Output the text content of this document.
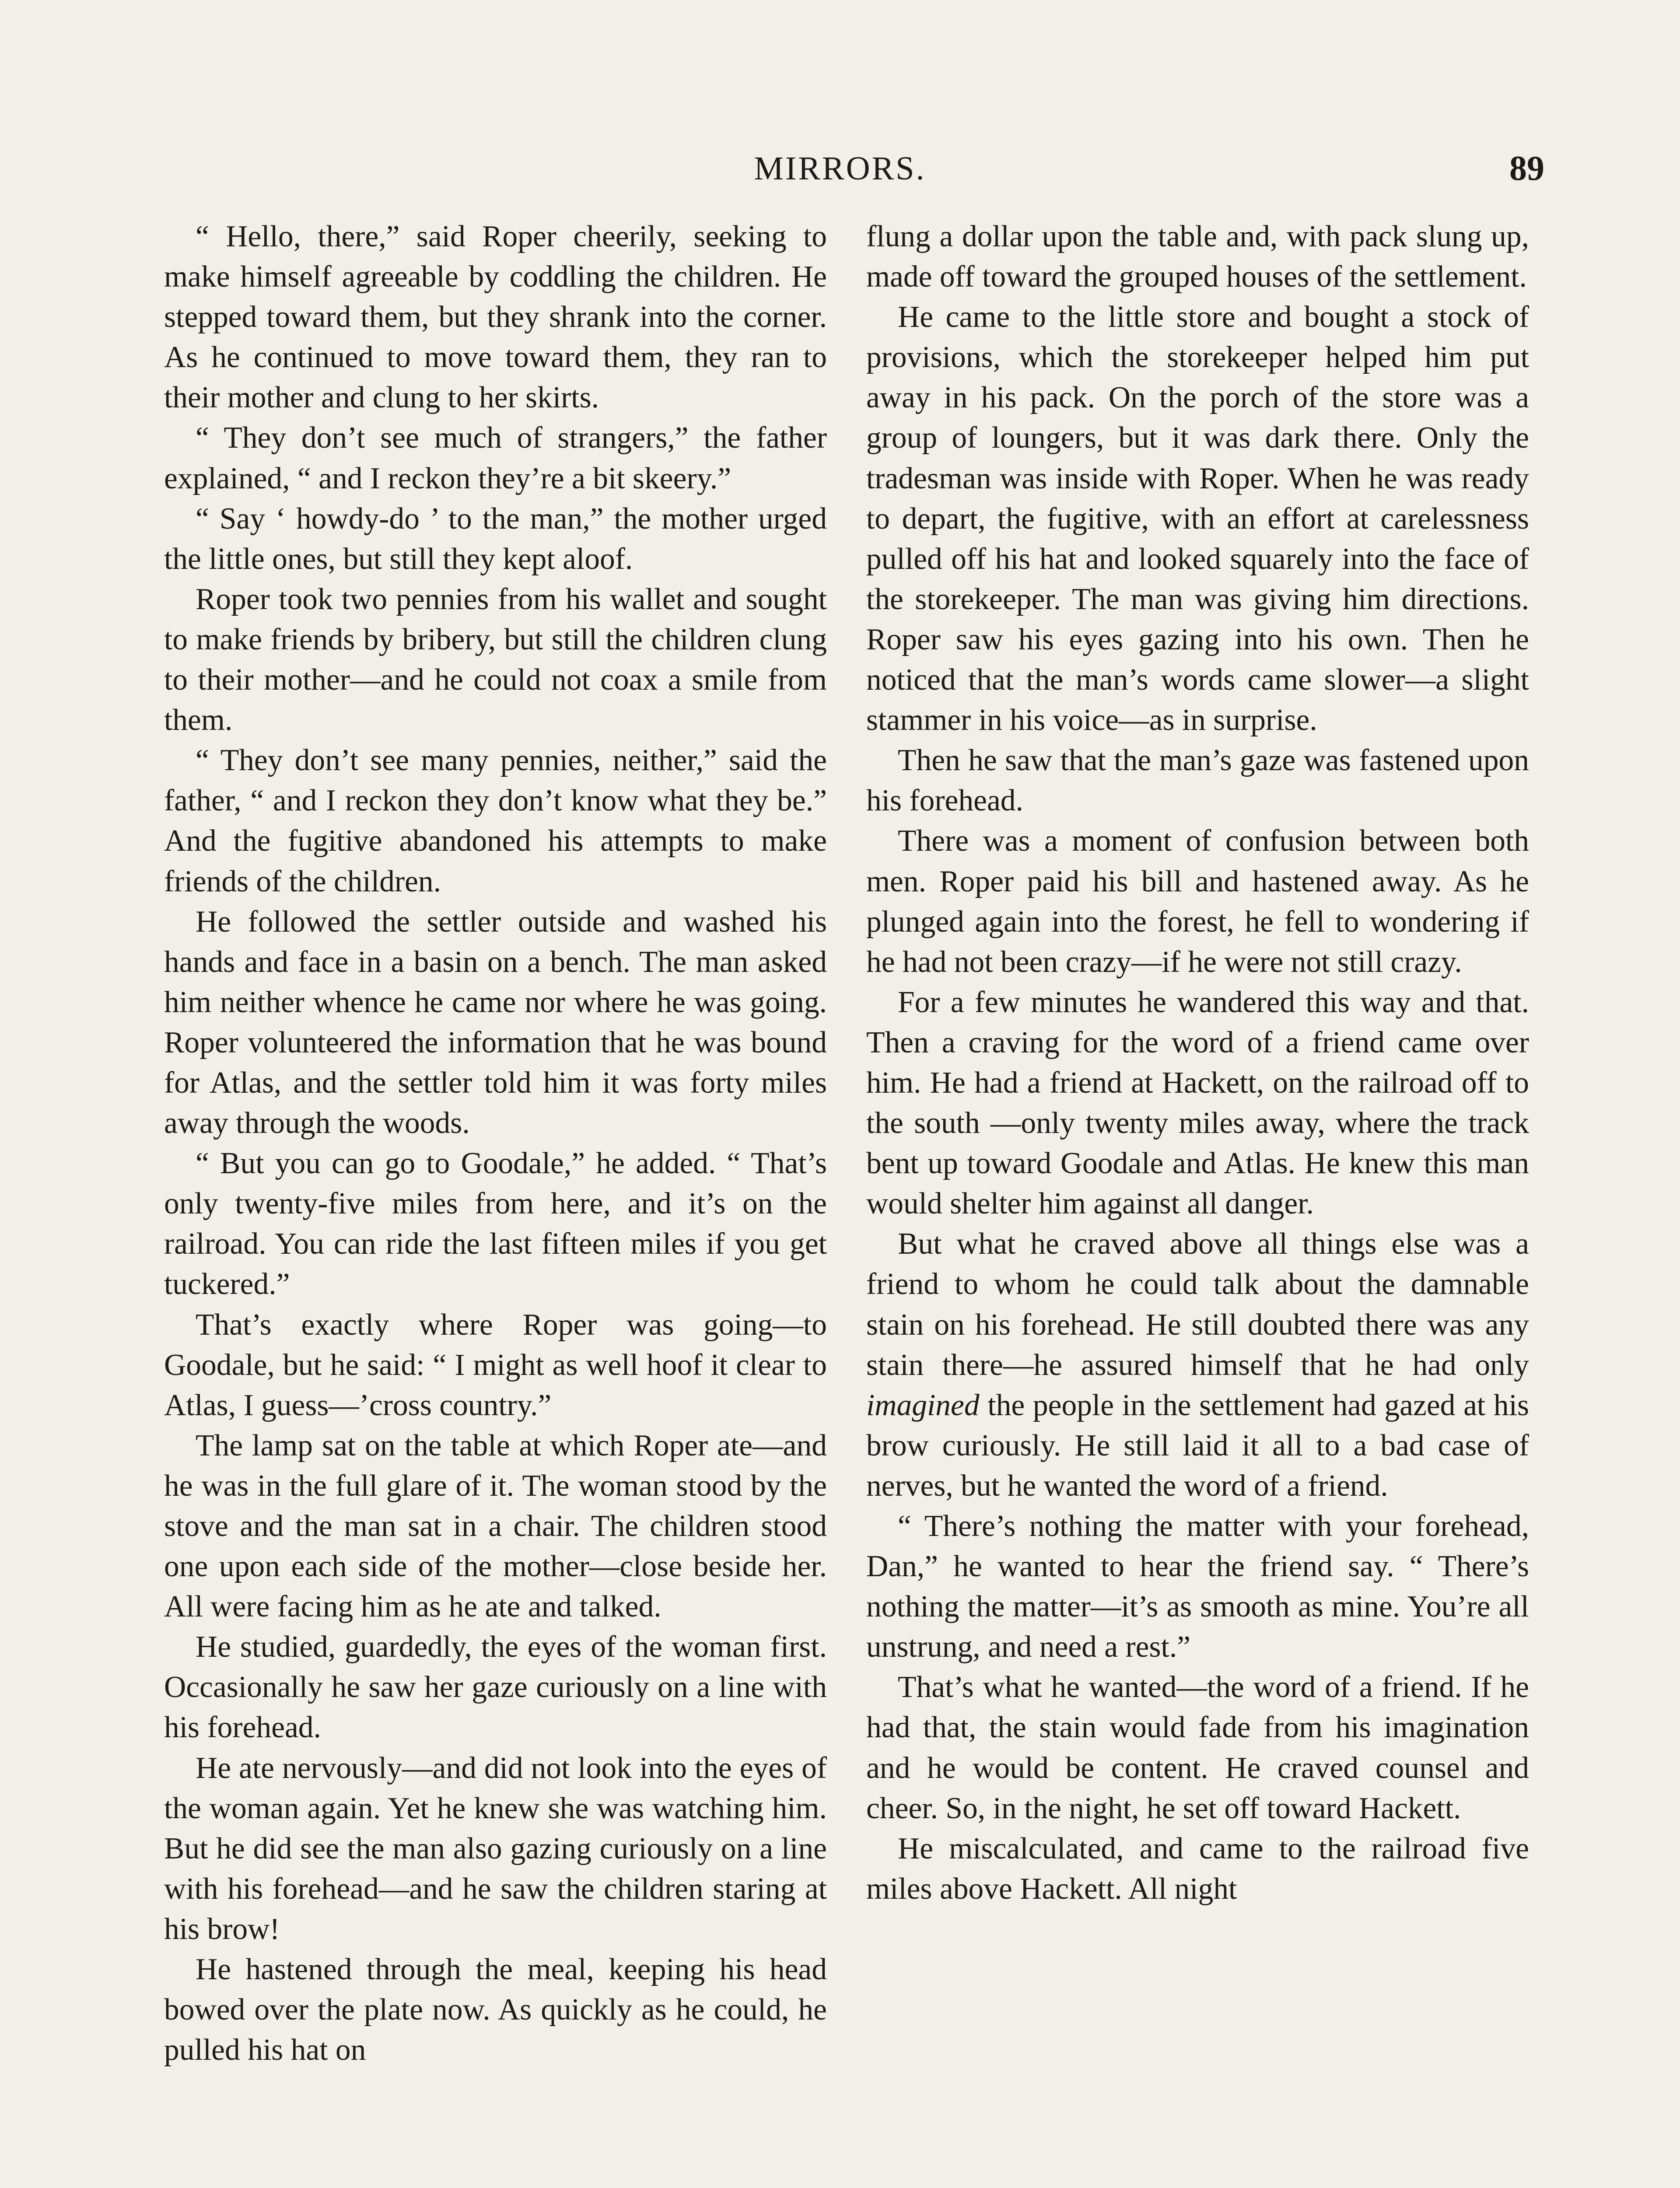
MIRRORS.	89

“ Hello, there,” said Roper cheerily, seeking to make himself agreeable by coddling the children. He stepped toward them, but they shrank into the corner. As he continued to move toward them, they ran to their mother and clung to her skirts.

“ They don’t see much of strangers,” the father explained, “ and I reckon they’re a bit skeery.”

“ Say ‘ howdy-do ’ to the man,” the mother urged the little ones, but still they kept aloof.

Roper took two pennies from his wallet and sought to make friends by bribery, but still the children clung to their mother—and he could not coax a smile from them.

“ They don’t see many pennies, neither,” said the father, “ and I reckon they don’t know what they be.” And the fugitive abandoned his attempts to make friends of the children.

He followed the settler outside and washed his hands and face in a basin on a bench. The man asked him neither whence he came nor where he was going. Roper volunteered the information that he was bound for Atlas, and the settler told him it was forty miles away through the woods.

“ But you can go to Goodale,” he added. “ That’s only twenty-five miles from here, and it’s on the railroad. You can ride the last fifteen miles if you get tuckered.”

That’s exactly where Roper was going—to Goodale, but he said: “ I might as well hoof it clear to Atlas, I guess—’cross country.”

The lamp sat on the table at which Roper ate—and he was in the full glare of it. The woman stood by the stove and the man sat in a chair. The children stood one upon each side of the mother—close beside her. All were facing him as he ate and talked.

He studied, guardedly, the eyes of the woman first. Occasionally he saw her gaze curiously on a line with his forehead.

He ate nervously—and did not look into the eyes of the woman again. Yet he knew she was watching him. But he did see the man also gazing curiously on a line with his forehead—and he saw the children staring at his brow!

He hastened through the meal, keeping his head bowed over the plate now. As quickly as he could, he pulled his hat on

flung a dollar upon the table and, with pack slung up, made off toward the grouped houses of the settlement.

He came to the little store and bought a stock of provisions, which the storekeeper helped him put away in his pack. On the porch of the store was a group of loungers, but it was dark there. Only the tradesman was inside with Roper. When he was ready to depart, the fugitive, with an effort at carelessness pulled off his hat and looked squarely into the face of the storekeeper. The man was giving him directions. Roper saw his eyes gazing into his own. Then he noticed that the man’s words came slower—a slight stammer in his voice—as in surprise.

Then he saw that the man’s gaze was fastened upon his forehead.

There was a moment of confusion between both men. Roper paid his bill and hastened away. As he plunged again into the forest, he fell to wondering if he had not been crazy—if he were not still crazy.

For a few minutes he wandered this way and that. Then a craving for the word of a friend came over him. He had a friend at Hackett, on the railroad off to the south —only twenty miles away, where the track bent up toward Goodale and Atlas. He knew this man would shelter him against all danger.

But what he craved above all things else was a friend to whom he could talk about the damnable stain on his forehead. He still doubted there was any stain there—he assured himself that he had only imagined the people in the settlement had gazed at his brow curiously. He still laid it all to a bad case of nerves, but he wanted the word of a friend.

“ There’s nothing the matter with your forehead, Dan,” he wanted to hear the friend say. “ There’s nothing the matter—it’s as smooth as mine. You’re all unstrung, and need a rest.”

That’s what he wanted—the word of a friend. If he had that, the stain would fade from his imagination and he would be content. He craved counsel and cheer. So, in the night, he set off toward Hackett.

He miscalculated, and came to the railroad five miles above Hackett. All night
